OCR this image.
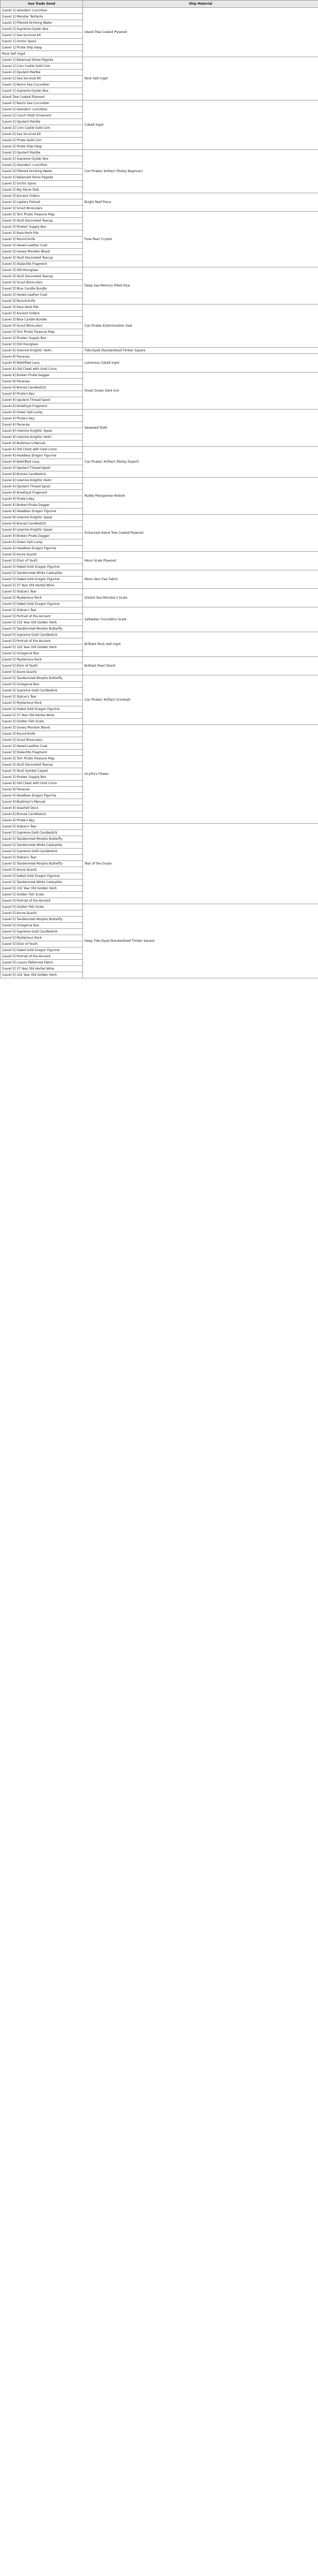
Sea Trade Good	Ship Material
[Level 1] Islanders' Lunchbox	Island Tree Coated Plywood
[Level 1] Monster Tentacle	
[Level 1] Filtered Drinking Water	
[Level 2] Supreme Oyster Box	
[Level 1] Sea Survival Kit	
[Level 1] Urchin Spine	
[Level 1] Pirate Ship Hasp	
Rock Salt Ingot	
[Level 1] Balanced Stone Pagoda	Rock Salt Ingot
[Level 1] Cron Castle Gold Coin	
[Level 2] Opulent Marble	
[Level 2] Sea Survival Kit	
[Level 1] Narvo Sea Cucumber	
[Level 1] Supreme Oyster Box	
Island Tree Coated Plywood	
[Level 2] Narvo Sea Cucumber	Cobalt Ingot
[Level 2] Islanders' Lunchbox	
[Level 2] Conch Shell Ornament	
[Level 2] Opulent Marble	
[Level 2] Cron Castle Gold Coin	
[Level 2] Sea Survival Kit	
[Level 2] Pirate Gold Coin	
[Level 2] Pirate Ship Hasp	
[Level 2] Opulent Marble	Cox Pirates' Artifact (Parley Beginner)
[Level 2] Supreme Oyster Box	
[Level 2] Islanders' Lunchbox	
[Level 2] Filtered Drinking Water	
[Level 2] Balanced Stone Pagoda	
[Level 2] Urchin Spine	
[Level 2] Big Stone Slab	
[Level 3] Ancient Orders	Bright Reef Piece
[Level 3] Lopters Fishnet	
[Level 3] Scout Binoculars	
[Level 3] Torn Pirate Treasure Map	Pure Pearl Crystal
[Level 3] Skull Decorated Teacup	
[Level 3] Pirates' Supply Box	
[Level 3] Rare Herb Pile	
[Level 3] Round Knife	
[Level 3] Hexed Leather Coat	
[Level 3] Gooey Monster Blood	
[Level 3] Skull Decorated Teacup	
[Level 3] Stalactite Fragment	
[Level 3] Old Hourglass	Deep Sea Memory Filled Glue
[Level 3] Skull Decorated Teacup	
[Level 3] Scout Binoculars	
[Level 3] Blue Candle Bundle	
[Level 3] Hexed Leather Coat	
[Level 3] Round Knife	
[Level 3] Rare Herb Pile	Cox Pirates Extermination Seal
[Level 3] Ancient Orders	
[Level 3] Blue Candle Bundle	
[Level 3] Scout Binoculars	
[Level 3] Torn Pirate Treasure Map	
[Level 3] Pirates' Supply Box	
[Level 3] Old Hourglass	
[Level 4] Ivlamire Knights' Helm	Tide-Dyed Standardized Timber Square
[Level 4] Panacea	Luminous Cobalt Ingot
[Level 4] Nobilified Lava	
[Level 4] Old Chest with Gold Coins	
[Level 4] Broken Pirate Dagger	Great Ocean Dark Iron
[Level 4] Panacea	
[Level 4] Bronze Candlestick	
[Level 4] Pirate's Key	
[Level 4] Opulent Thread Spool	
[Level 4] Amethyst Fragment	
[Level 4] Green Salt Lump	Seaweed Stalk
[Level 4] Pirate's Key	
[Level 4] Panacea	
[Level 4] Ivlamire Knights' Spear	
[Level 4] Ivlamire Knights' Helm	
[Level 4] Boatman's Manual	
[Level 4] Old Chest with Gold Coins	Cox Pirates' Artifact (Parley Expert)
[Level 4] Headless Dragon Figurine	
[Level 4] Nobilified Lava	
[Level 4] Opulent Thread Spool	
[Level 4] Bronze Candlestick	
[Level 4] Ivlamire Knights' Helm	Ruddy Manganese Nodule
[Level 4] Opulent Thread Spool	
[Level 4] Amethyst Fragment	
[Level 4] Pirate's Key	
[Level 4] Broken Pirate Dagger	
[Level 4] Headless Dragon Figurine	
[Level 4] Ivlamire Knights' Spear	Enhanced Island Tree Coated Plywood
[Level 4] Bronze Candlestick	
[Level 4] Ivlamire Knights' Spear	
[Level 4] Broken Pirate Dagger	
[Level 4] Green Salt Lump	
[Level 4] Headless Dragon Figurine	
[Level 5] Azure Quartz	Moon Scale Plywood
[Level 5] Elixir of Youth	
[Level 5] Faded Gold Dragon Figurine	
[Level 5] Taxidermied White Caterpillar	Moon Vein Flax Fabric
[Level 5] Faded Gold Dragon Figurine	
[Level 5] 37 Year Old Herbal Wine	
[Level 5] Statue's Tear	Violent Sea Monster's Scale
[Level 5] Mysterious Rock	
[Level 5] Faded Gold Dragon Figurine	
[Level 5] Statue's Tear	Saltwater Crocodile's Scale
[Level 5] Portrait of the Ancient	
[Level 5] 102 Year Old Golden Herb	
[Level 5] Taxidermied Morpho Butterfly	
[Level 5] Supreme Gold Candlestick	Brilliant Rock Salt Ingot
[Level 5] Portrait of the Ancient	
[Level 5] 102 Year Old Golden Herb	
[Level 5] Octagonal Box	
[Level 5] Mysterious Rock	Brilliant Pearl Shard
[Level 5] Elixir of Youth	
[Level 5] Azure Quartz	
[Level 5] Taxidermied Morpho Butterfly	Cox Pirates' Artifact (Combat)
[Level 5] Octagonal Box	
[Level 5] Supreme Gold Candlestick	
[Level 5] Statue's Tear	
[Level 5] Mysterious Rock	
[Level 5] Faded Gold Dragon Figurine	
[Level 5] 37 Year Old Herbal Wine	
[Level 5] Golden Fish Scale	
[Level 3] Gooey Monster Blood	Ocyllia's Flower
[Level 3] Round Knife	
[Level 3] Scout Binoculars	
[Level 3] Hexed Leather Coat	
[Level 3] Stalactite Fragment	
[Level 3] Torn Pirate Treasure Map	
[Level 3] Skull Decorated Teacup	
[Level 3] Skull Symbol Carpet	
[Level 3] Pirates' Supply Box	
[Level 4] Old Chest with Gold Coins	
[Level 4] Panacea	
[Level 4] Headless Dragon Figurine	
[Level 4] Boatman's Manual	
[Level 4] Seashell Deco	
[Level 4] Bronze Candlestick	
[Level 4] Pirate's Key	
[Level 5] Statue's Tear	Tear of the Ocean
[Level 5] Supreme Gold Candlestick	
[Level 5] Taxidermied Morpho Butterfly	
[Level 5] Taxidermied White Caterpillar	
[Level 5] Supreme Gold Candlestick	
[Level 5] Statue's Tear	
[Level 5] Taxidermied Morpho Butterfly	
[Level 5] Azure Quartz	
[Level 5] Faded Gold Dragon Figurine	
[Level 5] Taxidermied White Caterpillar	
[Level 5] 102 Year Old Golden Herb	
[Level 5] Golden Fish Scale	
[Level 5] Portrait of the Ancient	
[Level 5] Golden Fish Scale	Deep Tide-Dyed Standardized Timber Square
[Level 5] Azure Quartz	
[Level 5] Taxidermied Morpho Butterfly	
[Level 5] Octagonal Box	
[Level 5] Supreme Gold Candlestick	
[Level 5] Mysterious Rock	
[Level 5] Elixir of Youth	
[Level 5] Faded Gold Dragon Figurine	
[Level 5] Portrait of the Ancient	
[Level 5] Luxury Patterned Fabric	
[Level 5] 37 Year Old Herbal Wine	
[Level 5] 102 Year Old Golden Herb	
